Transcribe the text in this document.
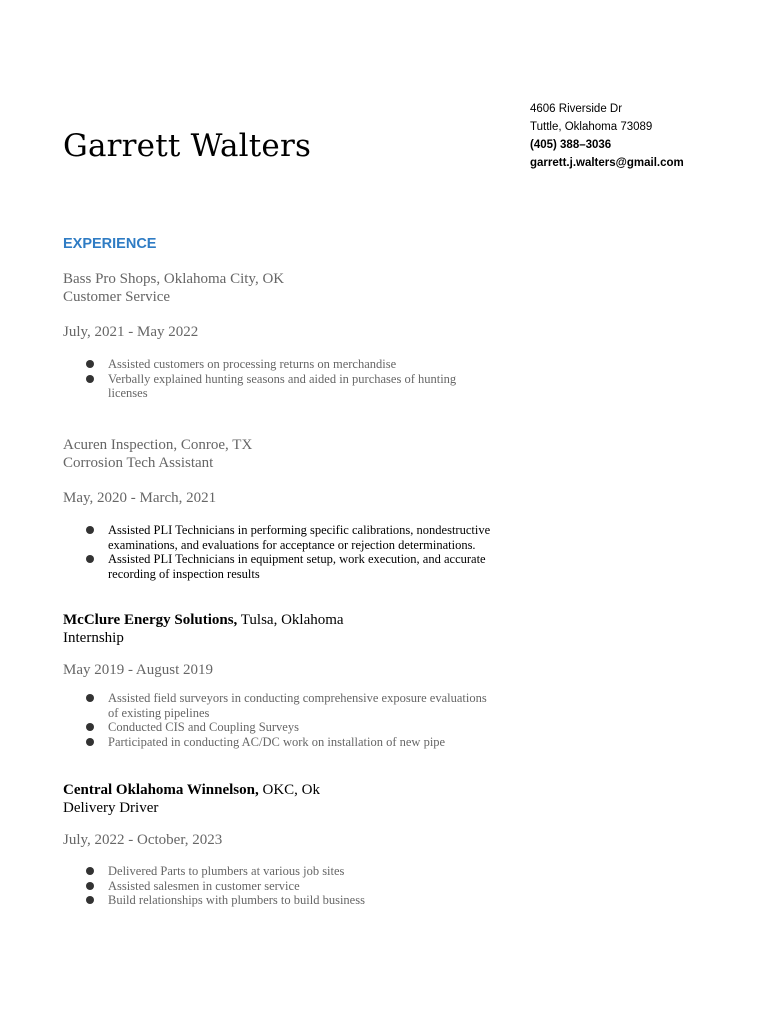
Garrett Walters
4606 Riverside Dr
Tuttle, Oklahoma 73089
(405) 388–3036
garrett.j.walters@gmail.com
EXPERIENCE
Bass Pro Shops, Oklahoma City, OK
Customer Service
July, 2021 - May 2022
Assisted customers on processing returns on merchandise
Verbally explained hunting seasons and aided in purchases of hunting licenses
Acuren Inspection, Conroe, TX
Corrosion Tech Assistant
May, 2020 - March, 2021
Assisted PLI Technicians in performing specific calibrations, nondestructive examinations, and evaluations for acceptance or rejection determinations.
Assisted PLI Technicians in equipment setup, work execution, and accurate recording of inspection results
McClure Energy Solutions, Tulsa, Oklahoma
Internship
May 2019 - August 2019
Assisted field surveyors in conducting comprehensive exposure evaluations of existing pipelines
Conducted CIS and Coupling Surveys
Participated in conducting AC/DC work on installation of new pipe
Central Oklahoma Winnelson, OKC, Ok
Delivery Driver
July, 2022 - October, 2023
Delivered Parts to plumbers at various job sites
Assisted salesmen in customer service
Build relationships with plumbers to build business
